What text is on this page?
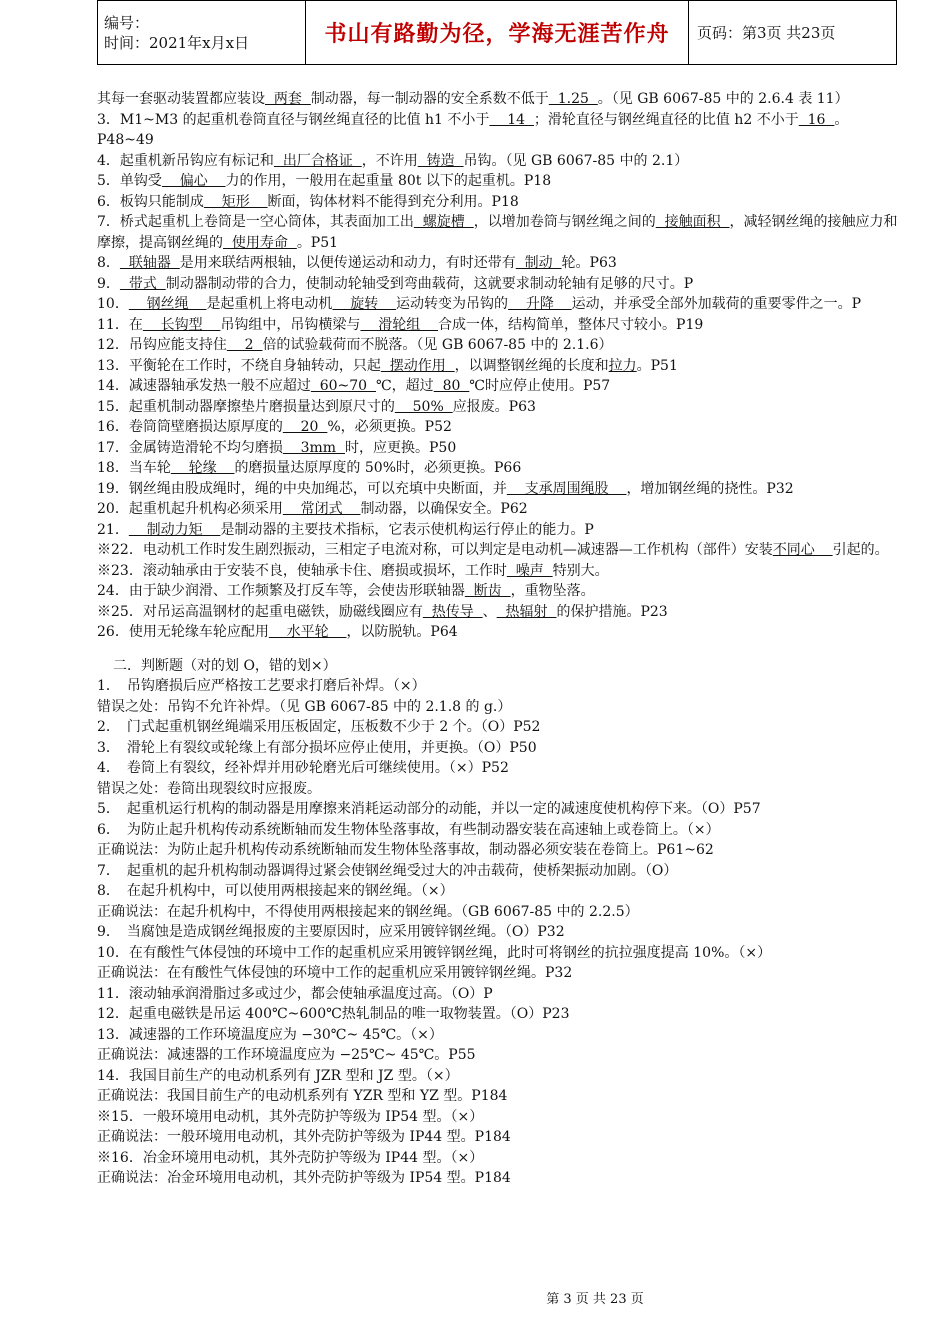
编号：
时间：2021年x月x日	书山有路勤为径，学海无涯苦作舟	页码：第3页 共23页
其每一套驱动装置都应装设  两套  制动器，每一制动器的安全系数不低于  1.25  。（见 GB 6067-85 中的 2.6.4 表 11）
3．M1~M3 的起重机卷筒直径与钢丝绳直径的比值 h1 不小于    14  ；滑轮直径与钢丝绳直径的比值 h2 不小于  16  。P48~49
4．起重机新吊钩应有标记和  出厂合格证  ，不许用  铸造  吊钩。（见 GB 6067-85 中的 2.1）
5．单钩受    偏心    力的作用，一般用在起重量 80t 以下的起重机。P18
6．板钩只能制成    矩形    断面，钩体材料不能得到充分利用。P18
7．桥式起重机上卷筒是一空心筒体，其表面加工出  螺旋槽  ，以增加卷筒与钢丝绳之间的  接触面积  ，减轻钢丝绳的接触应力和摩擦，提高钢丝绳的  使用寿命  。P51
8．  联轴器  是用来联结两根轴，以便传递运动和动力，有时还带有  制动  轮。P63
9．  带式  制动器制动带的合力，使制动轮轴受到弯曲载荷，这就要求制动轮轴有足够的尺寸。P
10．    钢丝绳    是起重机上将电动机    旋转    运动转变为吊钩的    升降    运动，并承受全部外加载荷的重要零件之一。P
11．在    长钩型    吊钩组中，吊钩横梁与    滑轮组    合成一体，结构简单，整体尺寸较小。P19
12．吊钩应能支持住    2  倍的试验载荷而不脱落。（见 GB 6067-85 中的 2.1.6）
13．平衡轮在工作时，不绕自身轴转动，只起  摆动作用  ，以调整钢丝绳的长度和拉力。P51
14．减速器轴承发热一般不应超过  60~70  ℃，超过  80  ℃时应停止使用。P57
15．起重机制动器摩擦垫片磨损量达到原尺寸的    50%  应报废。P63
16．卷筒筒壁磨损达原厚度的    20  %，必须更换。P52
17．金属铸造滑轮不均匀磨损    3mm  时，应更换。P50
18．当车轮    轮缘    的磨损量达原厚度的 50%时，必须更换。P66
19．钢丝绳由股成绳时，绳的中央加绳芯，可以充填中央断面，并    支承周围绳股    ，增加钢丝绳的挠性。P32
20．起重机起升机构必须采用    常闭式    制动器，以确保安全。P62
21．    制动力矩    是制动器的主要技术指标，它表示使机构运行停止的能力。P
※22．电动机工作时发生剧烈振动，三相定子电流对称，可以判定是电动机—减速器—工作机构（部件）安装不同心    引起的。
※23．滚动轴承由于安装不良，使轴承卡住、磨损或损坏，工作时  噪声  特别大。
24．由于缺少润滑、工作频繁及打反车等，会使齿形联轴器  断齿  ，重物坠落。
※25．对吊运高温钢材的起重电磁铁，励磁线圈应有  热传导  、  热辐射  的保护措施。P23
26．使用无轮缘车轮应配用    水平轮    ，以防脱轨。P64
二．判断题（对的划 O，错的划×）
1．　吊钩磨损后应严格按工艺要求打磨后补焊。（×）
错误之处：吊钩不允许补焊。（见 GB 6067-85 中的 2.1.8 的 g.）
2．　门式起重机钢丝绳端采用压板固定，压板数不少于 2 个。（O）P52
3．　滑轮上有裂纹或轮缘上有部分损坏应停止使用，并更换。（O）P50
4．　卷筒上有裂纹，经补焊并用砂轮磨光后可继续使用。（×）P52
错误之处：卷筒出现裂纹时应报废。
5．　起重机运行机构的制动器是用摩擦来消耗运动部分的动能，并以一定的减速度使机构停下来。（O）P57
6．　为防止起升机构传动系统断轴而发生物体坠落事故，有些制动器安装在高速轴上或卷筒上。（×）
正确说法：为防止起升机构传动系统断轴而发生物体坠落事故，制动器必须安装在卷筒上。P61~62
7．　起重机的起升机构制动器调得过紧会使钢丝绳受过大的冲击载荷，使桥架振动加剧。（O）
8．　在起升机构中，可以使用两根接起来的钢丝绳。（×）
正确说法：在起升机构中，不得使用两根接起来的钢丝绳。（GB 6067-85 中的 2.2.5）
9．　当腐蚀是造成钢丝绳报废的主要原因时，应采用镀锌钢丝绳。（O）P32
10．在有酸性气体侵蚀的环境中工作的起重机应采用镀锌钢丝绳，此时可将钢丝的抗拉强度提高 10%。（×）
正确说法：在有酸性气体侵蚀的环境中工作的起重机应采用镀锌钢丝绳。P32
11．滚动轴承润滑脂过多或过少，都会使轴承温度过高。（O）P
12．起重电磁铁是吊运 400℃~600℃热轧制品的唯一取物装置。（O）P23
13．减速器的工作环境温度应为 −30℃~ 45℃。（×）
正确说法：减速器的工作环境温度应为 −25℃~ 45℃。P55
14．我国目前生产的电动机系列有 JZR 型和 JZ 型。（×）
正确说法：我国目前生产的电动机系列有 YZR 型和 YZ 型。P184
※15．一般环境用电动机，其外壳防护等级为 IP54 型。（×）
正确说法：一般环境用电动机，其外壳防护等级为 IP44 型。P184
※16．冶金环境用电动机，其外壳防护等级为 IP44 型。（×）
正确说法：冶金环境用电动机，其外壳防护等级为 IP54 型。P184
第 3 页 共 23 页
